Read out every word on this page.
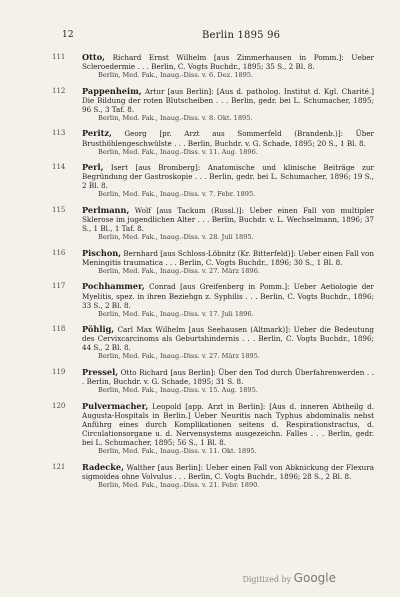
12	Berlin 1895 96
111	Otto, Richard Ernst Wilhelm [aus Zimmerhausen in Pomm.]: Ueber Scleroedermie . . . Berlin, C. Vogts Buchdr., 1895; 35 S., 2 Bl. 8.
Berlin, Med. Fak., Inaug.-Diss. v. 6. Dez. 1895.
112	Pappenheim, Artur [aus Berlin]: [Aus d. patholog. Institut d. Kgl. Charité.] Die Bildung der roten Blutscheiben . . . Berlin, gedr. bei L. Schumacher, 1895; 96 S., 3 Taf. 8.
Berlin, Med. Fak., Inaug.-Diss. v. 8. Okt. 1895.
113	Peritz, Georg [pr. Arzt aus Sommerfeld (Brandenb.)]: Über Brusthöhlengeschwülste . . . Berlin, Buchdr. v. G. Schade, 1895; 20 S., 1 Bl. 8.
Berlin, Med. Fak., Inaug.-Diss. v. 11. Aug. 1896.
114	Perl, Isert [aus Bromberg]: Anatomische und klinische Beiträge zur Begründung der Gastroskopie . . . Berlin, gedr. bei L. Schumacher, 1896; 19 S., 2 Bl. 8.
Berlin, Med. Fak., Inaug.-Diss. v. 7. Febr. 1895.
115	Perlmann, Wolf [aus Tackum (Russl.)]: Ueber einen Fall von multipler Sklerose im jugendlichen Alter . . . Berlin, Buchdr. v. L. Wechselmann, 1896; 37 S., 1 Bl., 1 Taf. 8.
Berlin, Med. Fak., Inaug.-Diss. v. 28. Juli 1895.
116	Pischon, Bernhard [aus Schloss-Löbnitz (Kr. Bitterfeld)]: Ueber einen Fall von Meningitis traumatica . . . Berlin, C. Vogts Buchdr., 1896; 30 S., 1 Bl. 8.
Berlin, Med. Fak., Inaug.-Diss. v. 27. März 1896.
117	Pochhammer, Conrad [aus Greifenberg in Pomm.]: Ueber Aetiologie der Myelitis, spez. in ihren Beziehgn z. Syphilis . . . Berlin, C. Vogts Buchdr., 1896; 33 S., 2 Bl. 8.
Berlin, Med. Fak., Inaug.-Diss. v. 17. Juli 1896.
118	Pöhlig, Carl Max Wilhelm [aus Seehausen (Altmark)]: Ueber die Bedeutung des Cervixcarcinoms als Geburtshindernis . . . Berlin, C. Vogts Buchdr., 1896; 44 S., 2 Bl. 8.
Berlin, Med. Fak., Inaug.-Diss. v. 27. März 1895.
119	Pressel, Otto Richard [aus Berlin]: Über den Tod durch Überfahrenwerden . . . Berlin, Buchdr. v. G. Schade, 1895; 31 S. 8.
Berlin, Med. Fak., Inaug.-Diss. v. 15. Aug. 1895.
120	Pulvermacher, Leopold [app. Arzt in Berlin]: [Aus d. inneren Abtheilg d. Augusta-Hospitals in Berlin.] Ueber Neuritis nach Typhus abdominalis nebst Anführg eines durch Komplikationen seitens d. Respirationstractus, d. Circulationsorgane u. d. Nervensystems ausgezeichn. Falles . . . Berlin, gedr. bei L. Schumacher, 1895; 56 S., 1 Bl. 8.
Berlin, Med. Fak., Inaug.-Diss. v. 11. Okt. 1895.
121	Radecke, Walther [aus Berlin]: Ueber einen Fall von Abknickung der Flexura sigmoidea ohne Volvulus . . . Berlin, C. Vogts Buchdr., 1896; 28 S., 2 Bl. 8.
Berlin, Med. Fak., Inaug.-Diss. v. 21. Febr. 1890.
Digitized by Google
